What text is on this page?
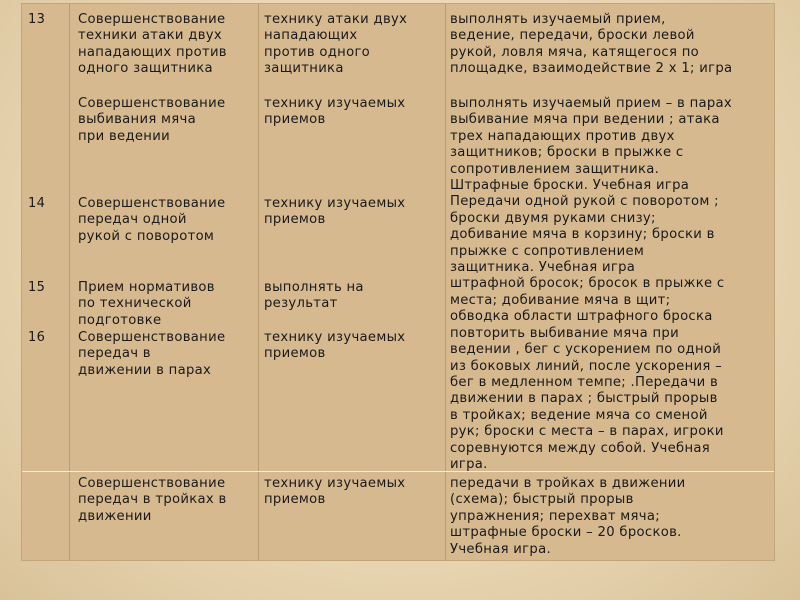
13 Совершенствование
техники атаки двух
нападающих против
одного защитника
технику атаки двух
нападающих
против одного
защитника
выполнять изучаемый прием,
ведение, передачи, броски левой
рукой, ловля мяча, катящегося по
площадке, взаимодействие 2 х 1; игра
Совершенствование
выбивания мяча
при ведении
технику изучаемых
приемов
выполнять изучаемый прием – в парах
выбивание мяча при ведении ; атака
трех нападающих против двух
защитников; броски в прыжке с
сопротивлением защитника.
Штрафные броски. Учебная игра
Передачи одной рукой с поворотом ;
броски двумя руками снизу;
добивание мяча в корзину; броски в
прыжке с сопротивлением
защитника. Учебная игра
штрафной бросок; бросок в прыжке с
места; добивание мяча в щит;
обводка области штрафного броска
повторить выбивание мяча при
ведении , бег с ускорением по одной
из боковых линий, после ускорения –
бег в медленном темпе; .Передачи в
движении в парах ; быстрый прорыв
в тройках; ведение мяча со сменой
рук; броски с места – в парах, игроки
соревнуются между собой. Учебная
игра.
14 Совершенствование
передач одной
рукой с поворотом
технику изучаемых
приемов
15 Прием нормативов
по технической
подготовке
выполнять на
результат
16 Совершенствование
передач в
движении в парах
технику изучаемых
приемов
Совершенствование
передач в тройках в
движении
технику изучаемых
приемов
передачи в тройках в движении
(схема); быстрый прорыв
упражнения; перехват мяча;
штрафные броски – 20 бросков.
Учебная игра.
